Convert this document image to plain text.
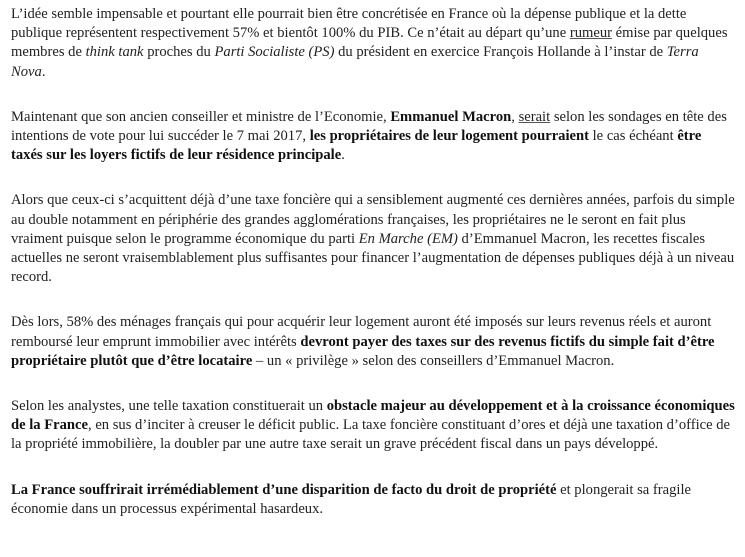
L’idée semble impensable et pourtant elle pourrait bien être concrétisée en France où la dépense publique et la dette publique représentent respectivement 57% et bientôt 100% du PIB. Ce n’était au départ qu’une rumeur émise par quelques membres de think tank proches du Parti Socialiste (PS) du président en exercice François Hollande à l’instar de Terra Nova.

Maintenant que son ancien conseiller et ministre de l’Economie, Emmanuel Macron, serait selon les sondages en tête des intentions de vote pour lui succéder le 7 mai 2017, les propriétaires de leur logement pourraient le cas échéant être taxés sur les loyers fictifs de leur résidence principale.

Alors que ceux-ci s’acquittent déjà d’une taxe foncière qui a sensiblement augmenté ces dernières années, parfois du simple au double notamment en périphérie des grandes agglomérations françaises, les propriétaires ne le seront en fait plus vraiment puisque selon le programme économique du parti En Marche (EM) d’Emmanuel Macron, les recettes fiscales actuelles ne seront vraisemblablement plus suffisantes pour financer l’augmentation de dépenses publiques déjà à un niveau record.

Dès lors, 58% des ménages français qui pour acquérir leur logement auront été imposés sur leurs revenus réels et auront remboursé leur emprunt immobilier avec intérêts devront payer des taxes sur des revenus fictifs du simple fait d’être propriétaire plutôt que d’être locataire – un « privilège » selon des conseillers d’Emmanuel Macron.

Selon les analystes, une telle taxation constituerait un obstacle majeur au développement et à la croissance économiques de la France, en sus d’inciter à creuser le déficit public. La taxe foncière constituant d’ores et déjà une taxation d’office de la propriété immobilière, la doubler par une autre taxe serait un grave précédent fiscal dans un pays développé.

La France souffrirait irrémédiablement d’une disparition de facto du droit de propriété et plongerait sa fragile économie dans un processus expérimental hasardeux.
